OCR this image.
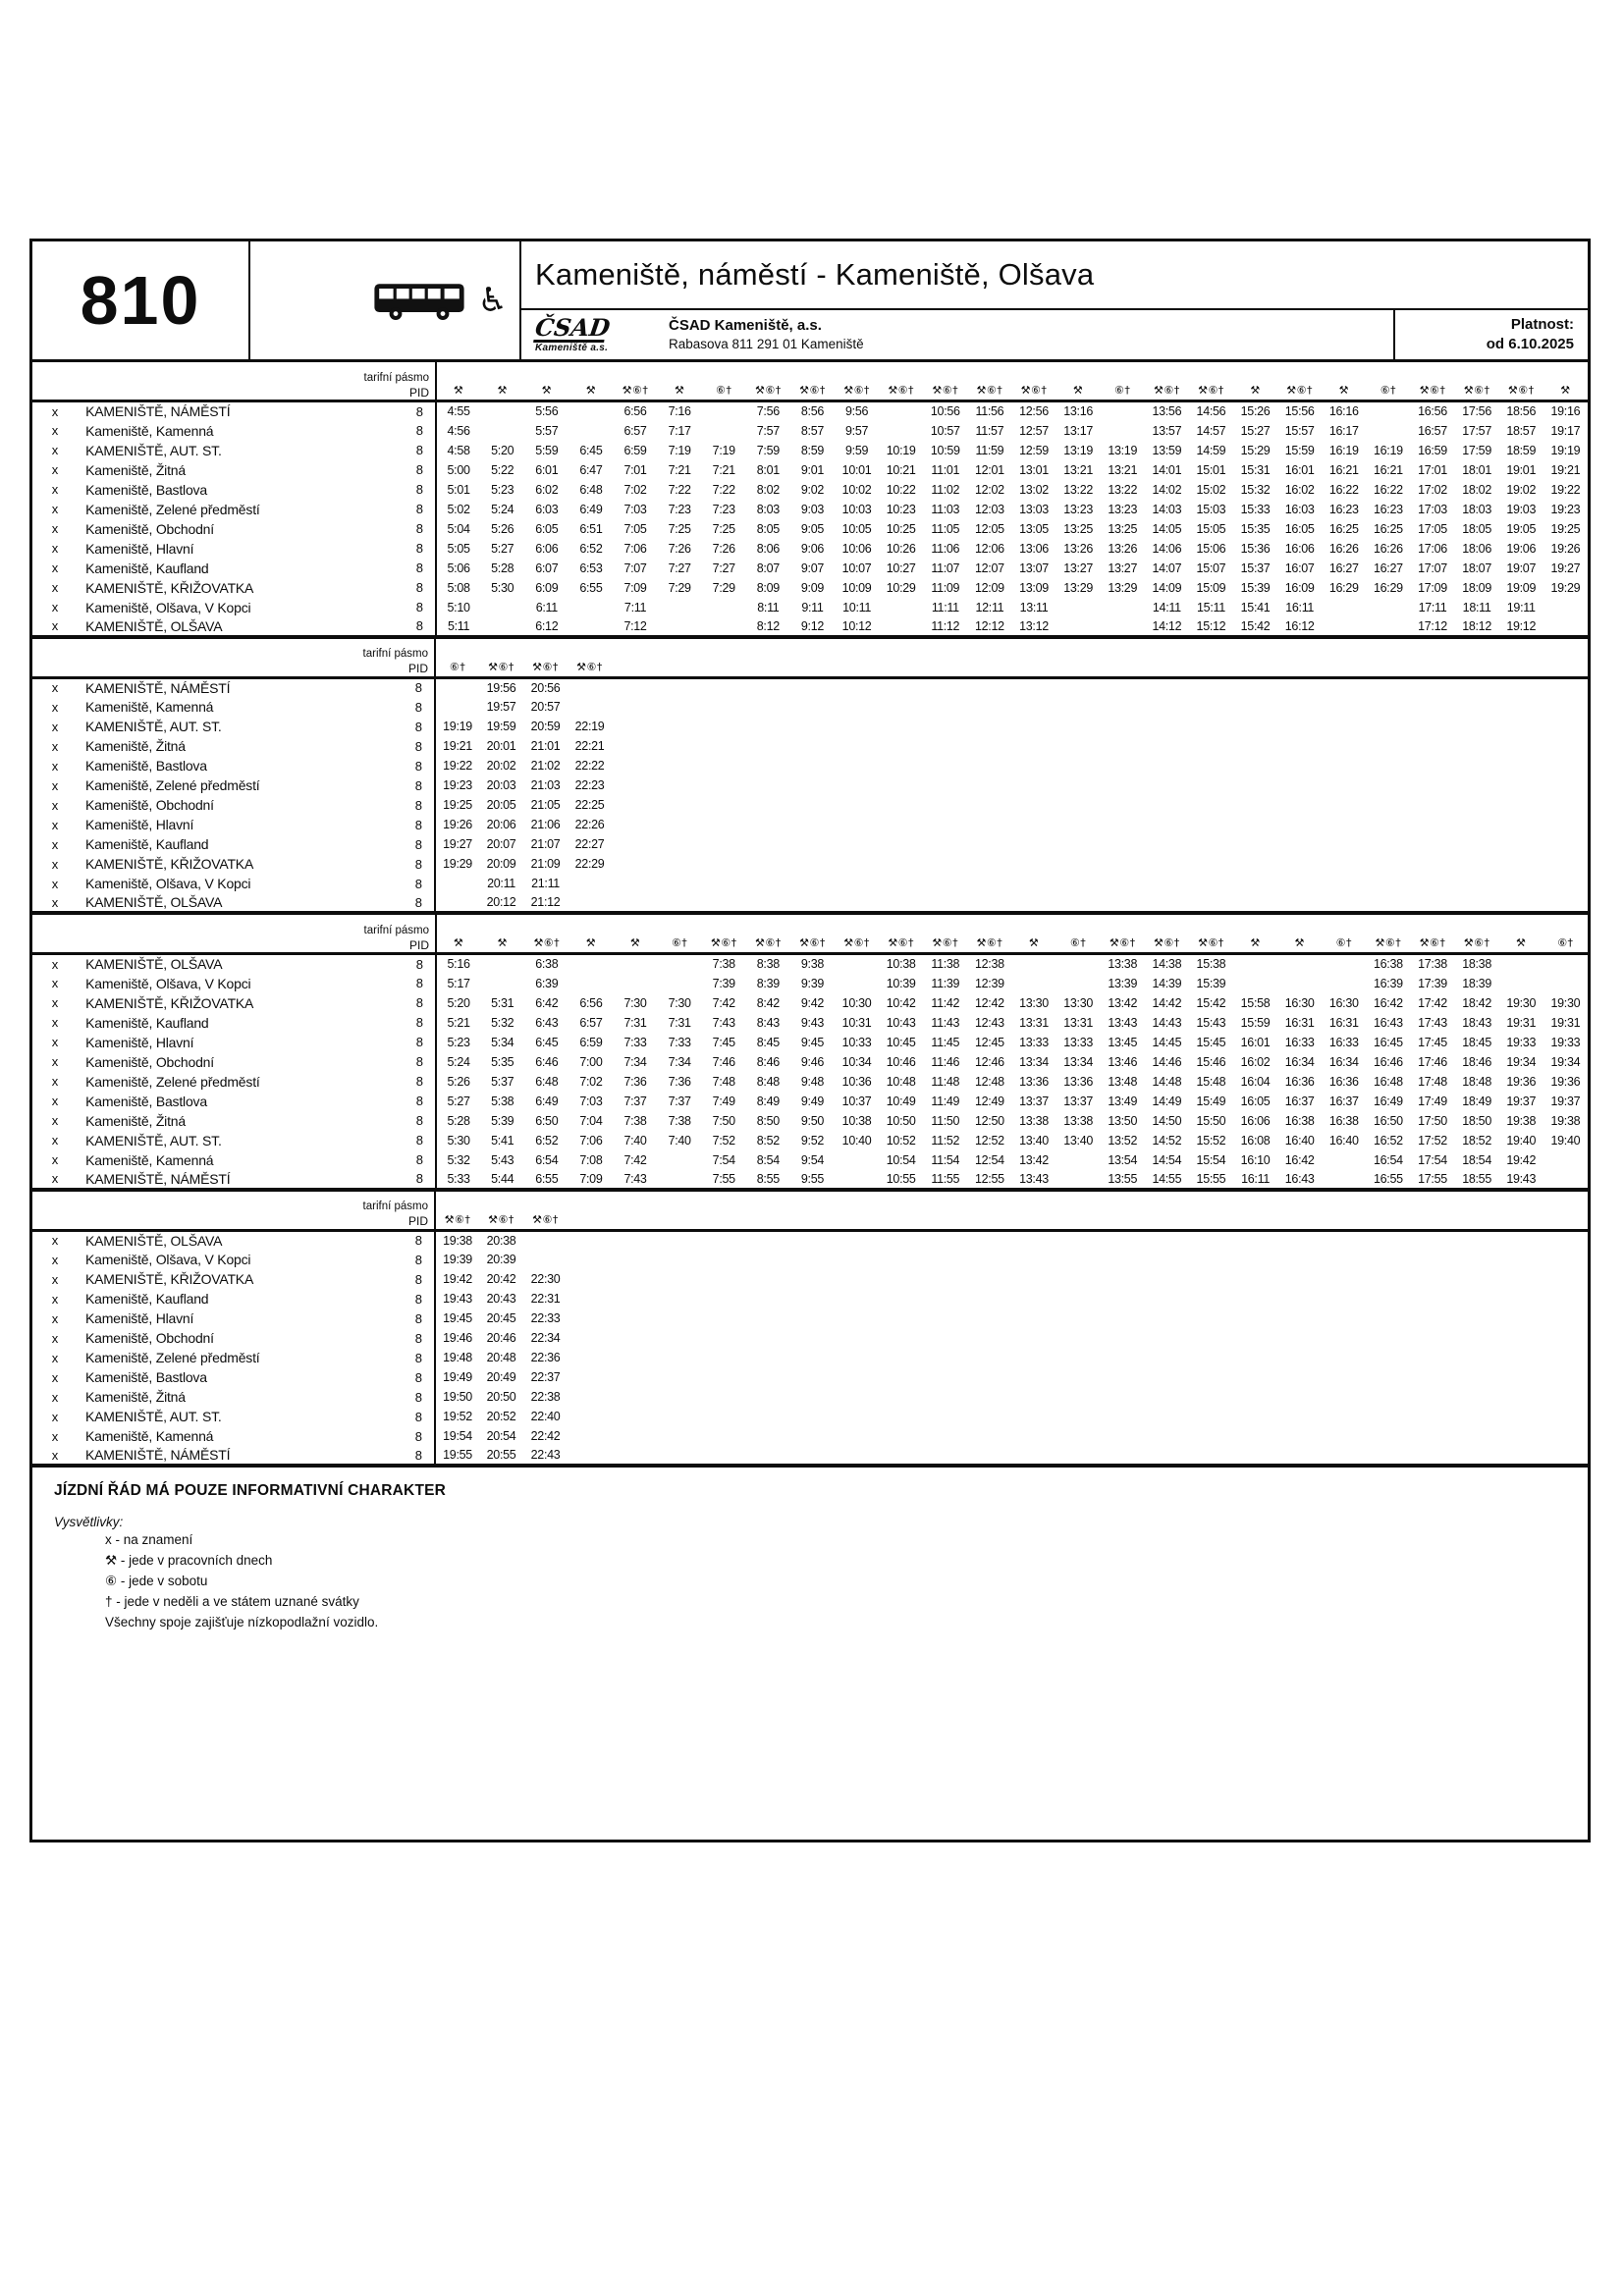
810	♿
Kameniště, náměstí - Kameniště, Olšava
ČSAD
Kameniště a.s.
ČSAD Kameniště, a.s.
Rabasova 811 291 01 Kameniště
Platnost:
od 6.10.2025
tarifní pásmo
PID			⚒	⚒	⚒	⚒	⚒⑥†	⚒	⑥†	⚒⑥†	⚒⑥†	⚒⑥†	⚒⑥†	⚒⑥†	⚒⑥†	⚒⑥†	⚒	⑥†	⚒⑥†	⚒⑥†	⚒	⚒⑥†	⚒	⑥†	⚒⑥†	⚒⑥†	⚒⑥†	⚒
x	KAMENIŠTĚ, NÁMĚSTÍ	8	4:55		5:56		6:56	7:16		7:56	8:56	9:56		10:56	11:56	12:56	13:16		13:56	14:56	15:26	15:56	16:16		16:56	17:56	18:56	19:16
x	Kameniště, Kamenná	8	4:56		5:57		6:57	7:17		7:57	8:57	9:57		10:57	11:57	12:57	13:17		13:57	14:57	15:27	15:57	16:17		16:57	17:57	18:57	19:17
x	KAMENIŠTĚ, AUT. ST.	8	4:58	5:20	5:59	6:45	6:59	7:19	7:19	7:59	8:59	9:59	10:19	10:59	11:59	12:59	13:19	13:19	13:59	14:59	15:29	15:59	16:19	16:19	16:59	17:59	18:59	19:19
x	Kameniště, Žitná	8	5:00	5:22	6:01	6:47	7:01	7:21	7:21	8:01	9:01	10:01	10:21	11:01	12:01	13:01	13:21	13:21	14:01	15:01	15:31	16:01	16:21	16:21	17:01	18:01	19:01	19:21
x	Kameniště, Bastlova	8	5:01	5:23	6:02	6:48	7:02	7:22	7:22	8:02	9:02	10:02	10:22	11:02	12:02	13:02	13:22	13:22	14:02	15:02	15:32	16:02	16:22	16:22	17:02	18:02	19:02	19:22
x	Kameniště, Zelené předměstí	8	5:02	5:24	6:03	6:49	7:03	7:23	7:23	8:03	9:03	10:03	10:23	11:03	12:03	13:03	13:23	13:23	14:03	15:03	15:33	16:03	16:23	16:23	17:03	18:03	19:03	19:23
x	Kameniště, Obchodní	8	5:04	5:26	6:05	6:51	7:05	7:25	7:25	8:05	9:05	10:05	10:25	11:05	12:05	13:05	13:25	13:25	14:05	15:05	15:35	16:05	16:25	16:25	17:05	18:05	19:05	19:25
x	Kameniště, Hlavní	8	5:05	5:27	6:06	6:52	7:06	7:26	7:26	8:06	9:06	10:06	10:26	11:06	12:06	13:06	13:26	13:26	14:06	15:06	15:36	16:06	16:26	16:26	17:06	18:06	19:06	19:26
x	Kameniště, Kaufland	8	5:06	5:28	6:07	6:53	7:07	7:27	7:27	8:07	9:07	10:07	10:27	11:07	12:07	13:07	13:27	13:27	14:07	15:07	15:37	16:07	16:27	16:27	17:07	18:07	19:07	19:27
x	KAMENIŠTĚ, KŘIŽOVATKA	8	5:08	5:30	6:09	6:55	7:09	7:29	7:29	8:09	9:09	10:09	10:29	11:09	12:09	13:09	13:29	13:29	14:09	15:09	15:39	16:09	16:29	16:29	17:09	18:09	19:09	19:29
x	Kameniště, Olšava, V Kopci	8	5:10		6:11		7:11			8:11	9:11	10:11		11:11	12:11	13:11			14:11	15:11	15:41	16:11			17:11	18:11	19:11	
x	KAMENIŠTĚ, OLŠAVA	8	5:11		6:12		7:12			8:12	9:12	10:12		11:12	12:12	13:12			14:12	15:12	15:42	16:12			17:12	18:12	19:12	
tarifní pásmo
PID			⑥†	⚒⑥†	⚒⑥†	⚒⑥†	
x	KAMENIŠTĚ, NÁMĚSTÍ	8		19:56	20:56		
x	Kameniště, Kamenná	8		19:57	20:57		
x	KAMENIŠTĚ, AUT. ST.	8	19:19	19:59	20:59	22:19	
x	Kameniště, Žitná	8	19:21	20:01	21:01	22:21	
x	Kameniště, Bastlova	8	19:22	20:02	21:02	22:22	
x	Kameniště, Zelené předměstí	8	19:23	20:03	21:03	22:23	
x	Kameniště, Obchodní	8	19:25	20:05	21:05	22:25	
x	Kameniště, Hlavní	8	19:26	20:06	21:06	22:26	
x	Kameniště, Kaufland	8	19:27	20:07	21:07	22:27	
x	KAMENIŠTĚ, KŘIŽOVATKA	8	19:29	20:09	21:09	22:29	
x	Kameniště, Olšava, V Kopci	8		20:11	21:11		
x	KAMENIŠTĚ, OLŠAVA	8		20:12	21:12		
tarifní pásmo
PID			⚒	⚒	⚒⑥†	⚒	⚒	⑥†	⚒⑥†	⚒⑥†	⚒⑥†	⚒⑥†	⚒⑥†	⚒⑥†	⚒⑥†	⚒	⑥†	⚒⑥†	⚒⑥†	⚒⑥†	⚒	⚒	⑥†	⚒⑥†	⚒⑥†	⚒⑥†	⚒	⑥†
x	KAMENIŠTĚ, OLŠAVA	8	5:16		6:38				7:38	8:38	9:38		10:38	11:38	12:38			13:38	14:38	15:38				16:38	17:38	18:38		
x	Kameniště, Olšava, V Kopci	8	5:17		6:39				7:39	8:39	9:39		10:39	11:39	12:39			13:39	14:39	15:39				16:39	17:39	18:39		
x	KAMENIŠTĚ, KŘIŽOVATKA	8	5:20	5:31	6:42	6:56	7:30	7:30	7:42	8:42	9:42	10:30	10:42	11:42	12:42	13:30	13:30	13:42	14:42	15:42	15:58	16:30	16:30	16:42	17:42	18:42	19:30	19:30
x	Kameniště, Kaufland	8	5:21	5:32	6:43	6:57	7:31	7:31	7:43	8:43	9:43	10:31	10:43	11:43	12:43	13:31	13:31	13:43	14:43	15:43	15:59	16:31	16:31	16:43	17:43	18:43	19:31	19:31
x	Kameniště, Hlavní	8	5:23	5:34	6:45	6:59	7:33	7:33	7:45	8:45	9:45	10:33	10:45	11:45	12:45	13:33	13:33	13:45	14:45	15:45	16:01	16:33	16:33	16:45	17:45	18:45	19:33	19:33
x	Kameniště, Obchodní	8	5:24	5:35	6:46	7:00	7:34	7:34	7:46	8:46	9:46	10:34	10:46	11:46	12:46	13:34	13:34	13:46	14:46	15:46	16:02	16:34	16:34	16:46	17:46	18:46	19:34	19:34
x	Kameniště, Zelené předměstí	8	5:26	5:37	6:48	7:02	7:36	7:36	7:48	8:48	9:48	10:36	10:48	11:48	12:48	13:36	13:36	13:48	14:48	15:48	16:04	16:36	16:36	16:48	17:48	18:48	19:36	19:36
x	Kameniště, Bastlova	8	5:27	5:38	6:49	7:03	7:37	7:37	7:49	8:49	9:49	10:37	10:49	11:49	12:49	13:37	13:37	13:49	14:49	15:49	16:05	16:37	16:37	16:49	17:49	18:49	19:37	19:37
x	Kameniště, Žitná	8	5:28	5:39	6:50	7:04	7:38	7:38	7:50	8:50	9:50	10:38	10:50	11:50	12:50	13:38	13:38	13:50	14:50	15:50	16:06	16:38	16:38	16:50	17:50	18:50	19:38	19:38
x	KAMENIŠTĚ, AUT. ST.	8	5:30	5:41	6:52	7:06	7:40	7:40	7:52	8:52	9:52	10:40	10:52	11:52	12:52	13:40	13:40	13:52	14:52	15:52	16:08	16:40	16:40	16:52	17:52	18:52	19:40	19:40
x	Kameniště, Kamenná	8	5:32	5:43	6:54	7:08	7:42		7:54	8:54	9:54		10:54	11:54	12:54	13:42		13:54	14:54	15:54	16:10	16:42		16:54	17:54	18:54	19:42	
x	KAMENIŠTĚ, NÁMĚSTÍ	8	5:33	5:44	6:55	7:09	7:43		7:55	8:55	9:55		10:55	11:55	12:55	13:43		13:55	14:55	15:55	16:11	16:43		16:55	17:55	18:55	19:43	
tarifní pásmo
PID			⚒⑥†	⚒⑥†	⚒⑥†	
x	KAMENIŠTĚ, OLŠAVA	8	19:38	20:38		
x	Kameniště, Olšava, V Kopci	8	19:39	20:39		
x	KAMENIŠTĚ, KŘIŽOVATKA	8	19:42	20:42	22:30	
x	Kameniště, Kaufland	8	19:43	20:43	22:31	
x	Kameniště, Hlavní	8	19:45	20:45	22:33	
x	Kameniště, Obchodní	8	19:46	20:46	22:34	
x	Kameniště, Zelené předměstí	8	19:48	20:48	22:36	
x	Kameniště, Bastlova	8	19:49	20:49	22:37	
x	Kameniště, Žitná	8	19:50	20:50	22:38	
x	KAMENIŠTĚ, AUT. ST.	8	19:52	20:52	22:40	
x	Kameniště, Kamenná	8	19:54	20:54	22:42	
x	KAMENIŠTĚ, NÁMĚSTÍ	8	19:55	20:55	22:43	
JÍZDNÍ ŘÁD MÁ POUZE INFORMATIVNÍ CHARAKTER
Vysvětlivky:
x - na znamení
⚒ - jede v pracovních dnech
⑥ - jede v sobotu
† - jede v neděli a ve státem uznané svátky
Všechny spoje zajišťuje nízkopodlažní vozidlo.
